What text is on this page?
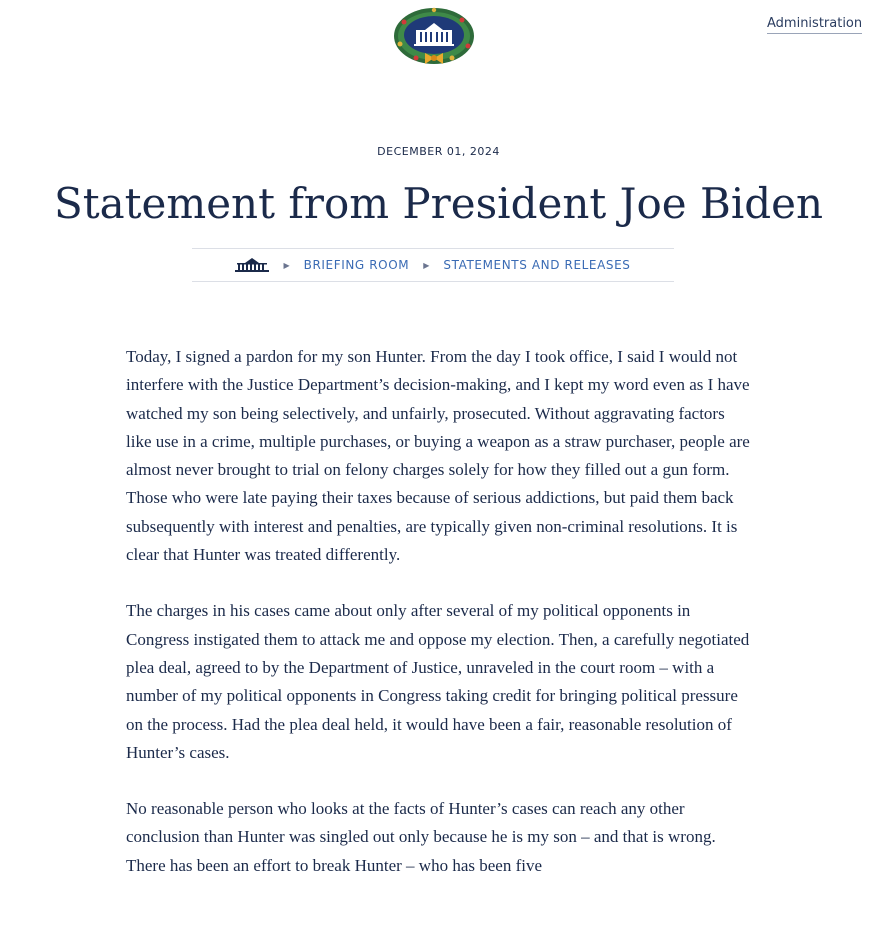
Administration
DECEMBER 01, 2024
Statement from President Joe Biden
▶ BRIEFING ROOM ▶ STATEMENTS AND RELEASES

Today, I signed a pardon for my son Hunter. From the day I took office, I said I would not interfere with the Justice Department’s decision-making, and I kept my word even as I have watched my son being selectively, and unfairly, prosecuted. Without aggravating factors like use in a crime, multiple purchases, or buying a weapon as a straw purchaser, people are almost never brought to trial on felony charges solely for how they filled out a gun form. Those who were late paying their taxes because of serious addictions, but paid them back subsequently with interest and penalties, are typically given non-criminal resolutions. It is clear that Hunter was treated differently.

The charges in his cases came about only after several of my political opponents in Congress instigated them to attack me and oppose my election. Then, a carefully negotiated plea deal, agreed to by the Department of Justice, unraveled in the court room – with a number of my political opponents in Congress taking credit for bringing political pressure on the process. Had the plea deal held, it would have been a fair, reasonable resolution of Hunter’s cases.

No reasonable person who looks at the facts of Hunter’s cases can reach any other conclusion than Hunter was singled out only because he is my son – and that is wrong. There has been an effort to break Hunter – who has been five
